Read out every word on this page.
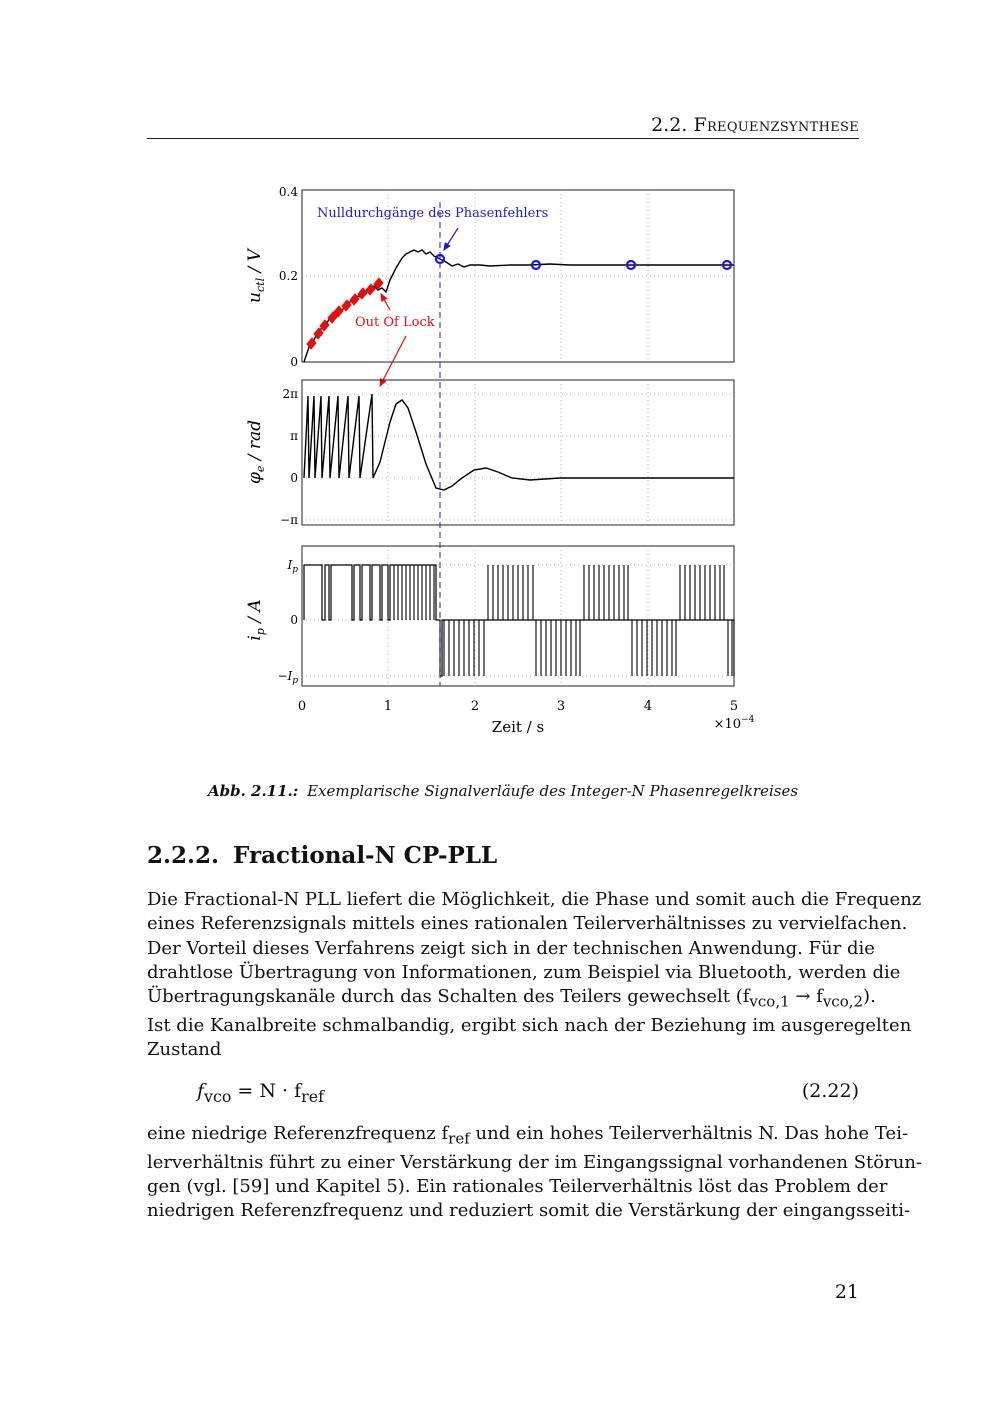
2.2. Frequenzsynthese
0.4
0.2
0
$u_{ctl}$ / V
Nulldurchgänge des Phasenfehlers
Out Of Lock
2π
π
0
−π
$\varphi_e$ / rad
$I_p$
0
$-I_p$
$i_p$ / A
0	1	2	3	4	5
$\times 10^{-4}$
Zeit / s
Abb. 2.11.: Exemplarische Signalverläufe des Integer-N Phasenregelkreises
2.2.2. Fractional-N CP-PLL
Die Fractional-N PLL liefert die Möglichkeit, die Phase und somit auch die Frequenz
eines Referenzsignals mittels eines rationalen Teilerverhältnisses zu vervielfachen.
Der Vorteil dieses Verfahrens zeigt sich in der technischen Anwendung. Für die
drahtlose Übertragung von Informationen, zum Beispiel via Bluetooth, werden die
Übertragungskanäle durch das Schalten des Teilers gewechselt $(f_{vco,1} \to f_{vco,2})$.
Ist die Kanalbreite schmalbandig, ergibt sich nach der Beziehung im ausgeregelten
Zustand
$f_{vco} = N \cdot f_{ref}$	(2.22)
eine niedrige Referenzfrequenz $f_{ref}$ und ein hohes Teilerverhältnis N. Das hohe Tei-
lerverhältnis führt zu einer Verstärkung der im Eingangssignal vorhandenen Störun-
gen (vgl. [59] und Kapitel 5). Ein rationales Teilerverhältnis löst das Problem der
niedrigen Referenzfrequenz und reduziert somit die Verstärkung der eingangsseiti-
21
